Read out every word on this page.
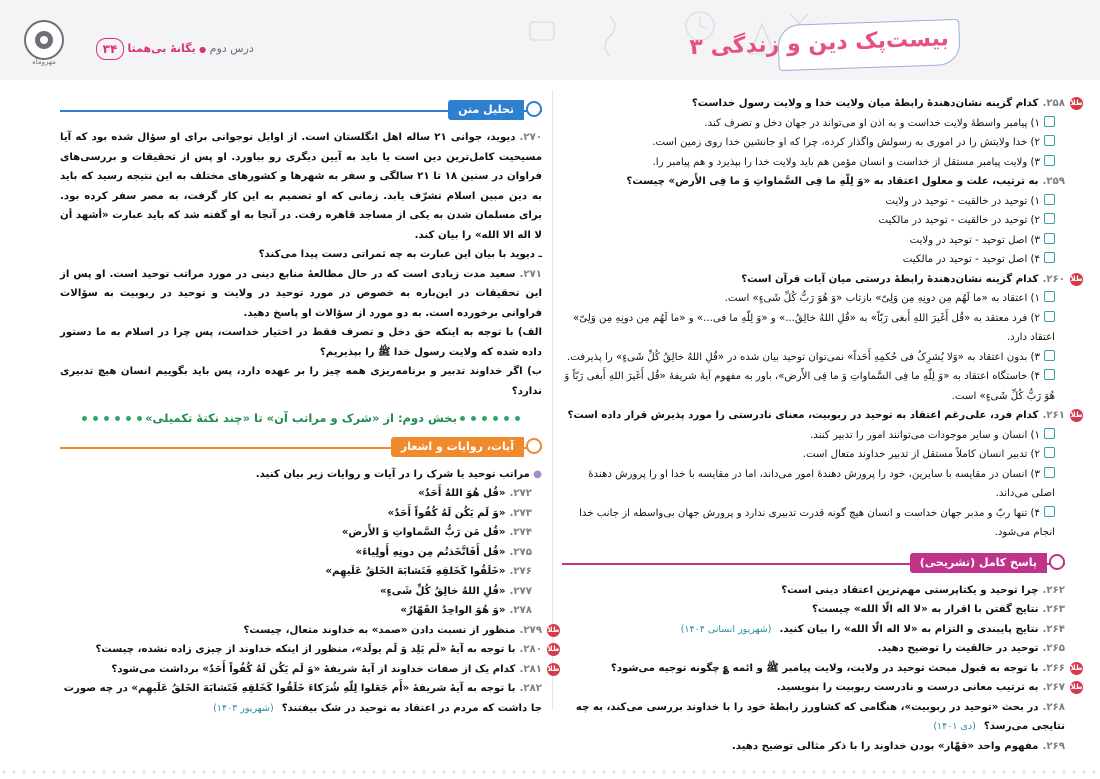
مهروماه
درس دوم ● یگانهٔ بی‌همتا ۳۴	بیست‌پک دین و زندگی ۳
طلا
۲۵۸.کدام گزینه نشان‌دهندهٔ رابطهٔ میان ولایت خدا و ولایت رسول خداست؟
۱) پیامبر واسطهٔ ولایت خداست و به اذن او می‌تواند در جهان دخل و تصرف کند.
۲) خدا ولایتش را در اموری به رسولش واگذار کرده، چرا که او جانشین خدا روی زمین است.
۳) ولایت پیامبر مستقل از خداست و انسان مؤمن هم باید ولایت خدا را بپذیرد و هم پیامبر را.
۲۵۹.به ترتیب، علت و معلول اعتقاد به «وَ لِلّهِ ما فِی السَّماواتِ وَ ما فِی الأَرض» چیست؟
۱) توحید در خالقیت - توحید در ولایت
۲) توحید در خالقیت - توحید در مالکیت
۳) اصل توحید - توحید در ولایت
۴) اصل توحید - توحید در مالکیت
طلا
۲۶۰.کدام گزینه نشان‌دهندهٔ رابطهٔ درستی میان آیات قرآن است؟
۱) اعتقاد به «ما لَهُم مِن دونِهِ مِن وَلِیّ» بازتاب «وَ هُوَ رَبُّ کُلِّ شَیءٍ» است.
۲) فرد معتقد به «قُل أَغَیرَ اللهِ أَبغی رَبّاً» به «قُلِ اللهُ خالِقُ...» و «وَ لِلّهِ ما فی...» و «ما لَهُم مِن دونِهِ مِن وَلِیّ» اعتقاد دارد.
۳) بدون اعتقاد به «وَلا یُشرِکُ فی حُکمِهِ أَحَداً» نمی‌توان توحید بیان شده در «قُلِ اللهُ خالِقُ کُلِّ شَیءٍ» را پذیرفت.
۴) خاستگاه اعتقاد به «وَ لِلّهِ ما فِی السَّماواتِ وَ ما فِی الأَرض»، باور به مفهوم آیهٔ شریفهٔ «قُل أَغَیرَ اللهِ أَبغی رَبّاً وَ هُوَ رَبُّ کُلِّ شَیءٍ» است.
طلا
۲۶۱.کدام فرد، علی‌رغم اعتقاد به توحید در ربوبیت، معنای نادرستی را مورد پذیرش قرار داده است؟
۱) انسان و سایر موجودات می‌توانند امور را تدبیر کنند.
۲) تدبیر انسان کاملاً مستقل از تدبیر خداوند متعال است.
۳) انسان در مقایسه با سایرین، خود را پرورش دهندهٔ امور می‌داند، اما در مقایسه با خدا او را پرورش دهندهٔ اصلی می‌داند.
۴) تنها ربّ و مدبر جهان خداست و انسان هیچ گونه قدرت تدبیری ندارد و پرورش جهان بی‌واسطه از جانب خدا انجام می‌شود.
پاسخ کامل (تشریحی)
۲۶۲.چرا توحید و یکتاپرستی مهم‌ترین اعتقاد دینی است؟
۲۶۳.نتایج گفتن با اقرار به «لا اله الّا الله» چیست؟
۲۶۴.نتایج پایبندی و التزام به «لا اله الّا الله» را بیان کنید.(شهریور انسانی ۱۴۰۴)
۲۶۵.توحید در خالقیت را توضیح دهید.
طلا
۲۶۶.با توجه به قبول مبحث توحید در ولایت، ولایت پیامبر ﷺ و ائمه ؏ چگونه توجیه می‌شود؟
طلا
۲۶۷.به ترتیب معانی درست و نادرست ربوبیت را بنویسید.
۲۶۸.در بحث «توحید در ربوبیت»، هنگامی که کشاورز رابطهٔ خود را با خداوند بررسی می‌کند، به چه نتایجی می‌رسد؟(دی ۱۴۰۱)
۲۶۹.مفهوم واحد «قهّار» بودن خداوند را با ذکر مثالی توضیح دهید.
تحلیل متن
۲۷۰.دیوید، جوانی ۲۱ ساله اهل انگلستان است. از اوایل نوجوانی برای او سؤال شده بود که آیا مسیحیت کامل‌ترین دین است یا باید به آیین دیگری رو بیاورد. او پس از تحقیقات و بررسی‌های فراوان در سنین ۱۸ تا ۲۱ سالگی و سفر به شهرها و کشورهای مختلف به این نتیجه رسید که باید به دین مبین اسلام تشرّف یابد. زمانی که او تصمیم به این کار گرفت، به مصر سفر کرده بود. برای مسلمان شدن به یکی از مساجد قاهره رفت. در آنجا به او گفته شد که باید عبارت «أشهد أن لا اله الا الله» را بیان کند.
ـ دیوید با بیان این عبارت به چه ثمراتی دست پیدا می‌کند؟
۲۷۱.سعید مدت زیادی است که در حال مطالعهٔ منابع دینی در مورد مراتب توحید است. او پس از این تحقیقات در این‌باره به خصوص در مورد توحید در ولایت و توحید در ربوبیت به سؤالات فراوانی برخورده است. به دو مورد از سؤالات او پاسخ دهید.
الف) با توجه به اینکه حق دخل و تصرف فقط در اختیار خداست، پس چرا در اسلام به ما دستور داده شده که ولایت رسول خدا ﷺ را بپذیریم؟
ب) اگر خداوند تدبیر و برنامه‌ریزی همه چیز را بر عهده دارد، پس باید بگوییم انسان هیچ تدبیری ندارد؟
بخش دوم: از «شرک و مراتب آن» تا «چند نکتهٔ تکمیلی»
آیات، روایات و اشعار
● مراتب توحید یا شرک را در آیات و روایات زیر بیان کنید.
۲۷۲.«قُل هُوَ اللهُ أَحَدٌ»
۲۷۳.«وَ لَم یَکُن لَهُ کُفُواً أَحَدٌ»
۲۷۴.«قُل مَن رَبُّ السَّماواتِ وَ الأَرض»
۲۷۵.«قُل أَفَاتَّخَذتُم مِن دونِهِ أَولِیاءَ»
۲۷۶.«خَلَقُوا کَخَلقِهِ فَتَشابَهَ الخَلقُ عَلَیهِم»
۲۷۷.«قُلِ اللهُ خالِقُ کُلِّ شَیءٍ»
۲۷۸.«وَ هُوَ الواحِدُ القَهّارُ»
طلا
۲۷۹.منظور از نسبت دادن «صمد» به خداوند متعال، چیست؟
طلا
۲۸۰.با توجه به آیهٔ «لَم یَلِد وَ لَم یولَد»، منظور از اینکه خداوند از چیزی زاده نشده، چیست؟
طلا
۲۸۱.کدام یک از صفات خداوند از آیهٔ شریفهٔ «وَ لَم یَکُن لَهُ کُفُواً أَحَدٌ» برداشت می‌شود؟
۲۸۲.با توجه به آیهٔ شریفهٔ «أَم جَعَلوا لِلّهِ شُرَکاءَ خَلَقُوا کَخَلقِهِ فَتَشابَهَ الخَلقُ عَلَیهِم» در چه صورت جا داشت که مردم در اعتقاد به توحید در شک بیفتند؟(شهریور ۱۴۰۳)
